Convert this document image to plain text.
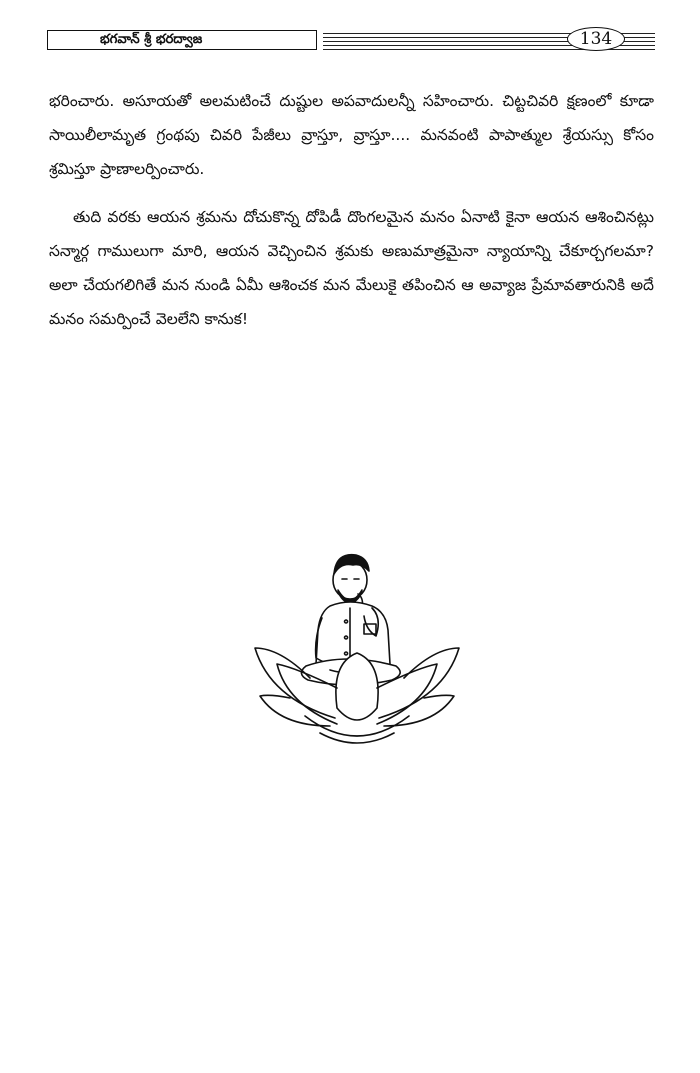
భగవాన్ శ్రీ భరద్వాజ	134

భరించారు. అసూయతో అలమటించే దుష్టుల అపవాదులన్నీ సహించారు. చిట్టచివరి క్షణంలో కూడా సాయిలీలామృత గ్రంథపు చివరి పేజీలు వ్రాస్తూ, వ్రాస్తూ.... మనవంటి పాపాత్ముల శ్రేయస్సు కోసం శ్రమిస్తూ ప్రాణాలర్పించారు.

తుది వరకు ఆయన శ్రమను దోచుకొన్న దోపిడీ దొంగలమైన మనం ఏనాటి కైనా ఆయన ఆశించినట్లు సన్మార్గ గాములుగా మారి, ఆయన వెచ్చించిన శ్రమకు అణుమాత్రమైనా న్యాయాన్ని చేకూర్చగలమా? అలా చేయగలిగితే మన నుండి ఏమీ ఆశించక మన మేలుకై తపించిన ఆ అవ్యాజ ప్రేమావతారునికి అదే మనం సమర్పించే వెలలేని కానుక!
